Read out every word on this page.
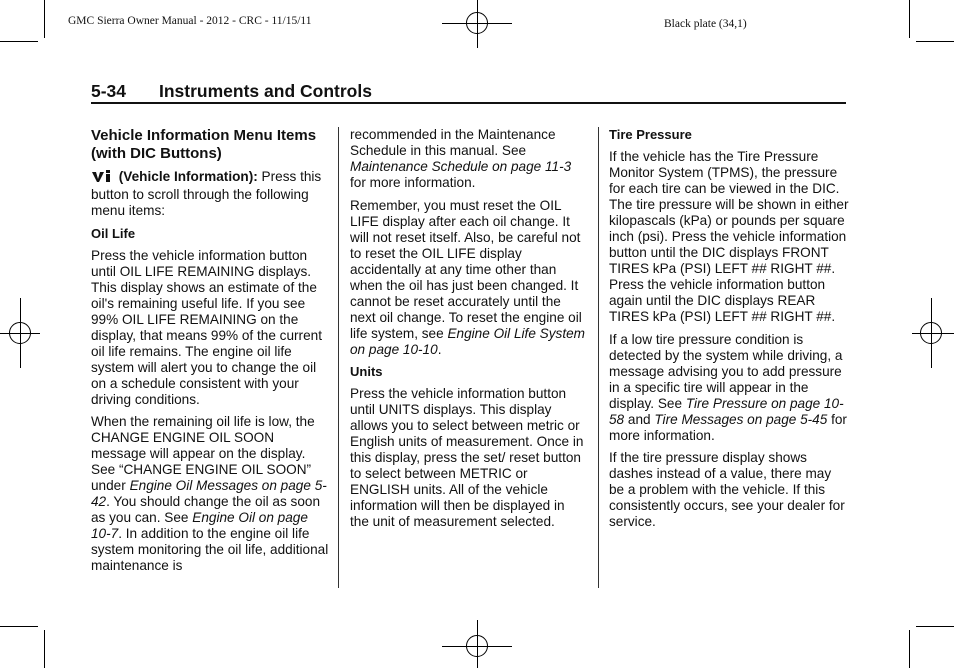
GMC Sierra Owner Manual - 2012 - CRC - 11/15/11	Black plate (34,1)
5-34 Instruments and Controls

Vehicle Information Menu Items (with DIC Buttons)

(Vehicle Information): Press this button to scroll through the following menu items:

Oil Life

Press the vehicle information button until OIL LIFE REMAINING displays. This display shows an estimate of the oil's remaining useful life. If you see 99% OIL LIFE REMAINING on the display, that means 99% of the current oil life remains. The engine oil life system will alert you to change the oil on a schedule consistent with your driving conditions.

When the remaining oil life is low, the CHANGE ENGINE OIL SOON message will appear on the display. See “CHANGE ENGINE OIL SOON” under Engine Oil Messages on page 5-42. You should change the oil as soon as you can. See Engine Oil on page 10-7. In addition to the engine oil life system monitoring the oil life, additional maintenance is

recommended in the Maintenance Schedule in this manual. See Maintenance Schedule on page 11-3 for more information.

Remember, you must reset the OIL LIFE display after each oil change. It will not reset itself. Also, be careful not to reset the OIL LIFE display accidentally at any time other than when the oil has just been changed. It cannot be reset accurately until the next oil change. To reset the engine oil life system, see Engine Oil Life System on page 10-10.

Units

Press the vehicle information button until UNITS displays. This display allows you to select between metric or English units of measurement. Once in this display, press the set/ reset button to select between METRIC or ENGLISH units. All of the vehicle information will then be displayed in the unit of measurement selected.

Tire Pressure

If the vehicle has the Tire Pressure Monitor System (TPMS), the pressure for each tire can be viewed in the DIC. The tire pressure will be shown in either kilopascals (kPa) or pounds per square inch (psi). Press the vehicle information button until the DIC displays FRONT TIRES kPa (PSI) LEFT ## RIGHT ##. Press the vehicle information button again until the DIC displays REAR TIRES kPa (PSI) LEFT ## RIGHT ##.

If a low tire pressure condition is detected by the system while driving, a message advising you to add pressure in a specific tire will appear in the display. See Tire Pressure on page 10-58 and Tire Messages on page 5-45 for more information.

If the tire pressure display shows dashes instead of a value, there may be a problem with the vehicle. If this consistently occurs, see your dealer for service.
